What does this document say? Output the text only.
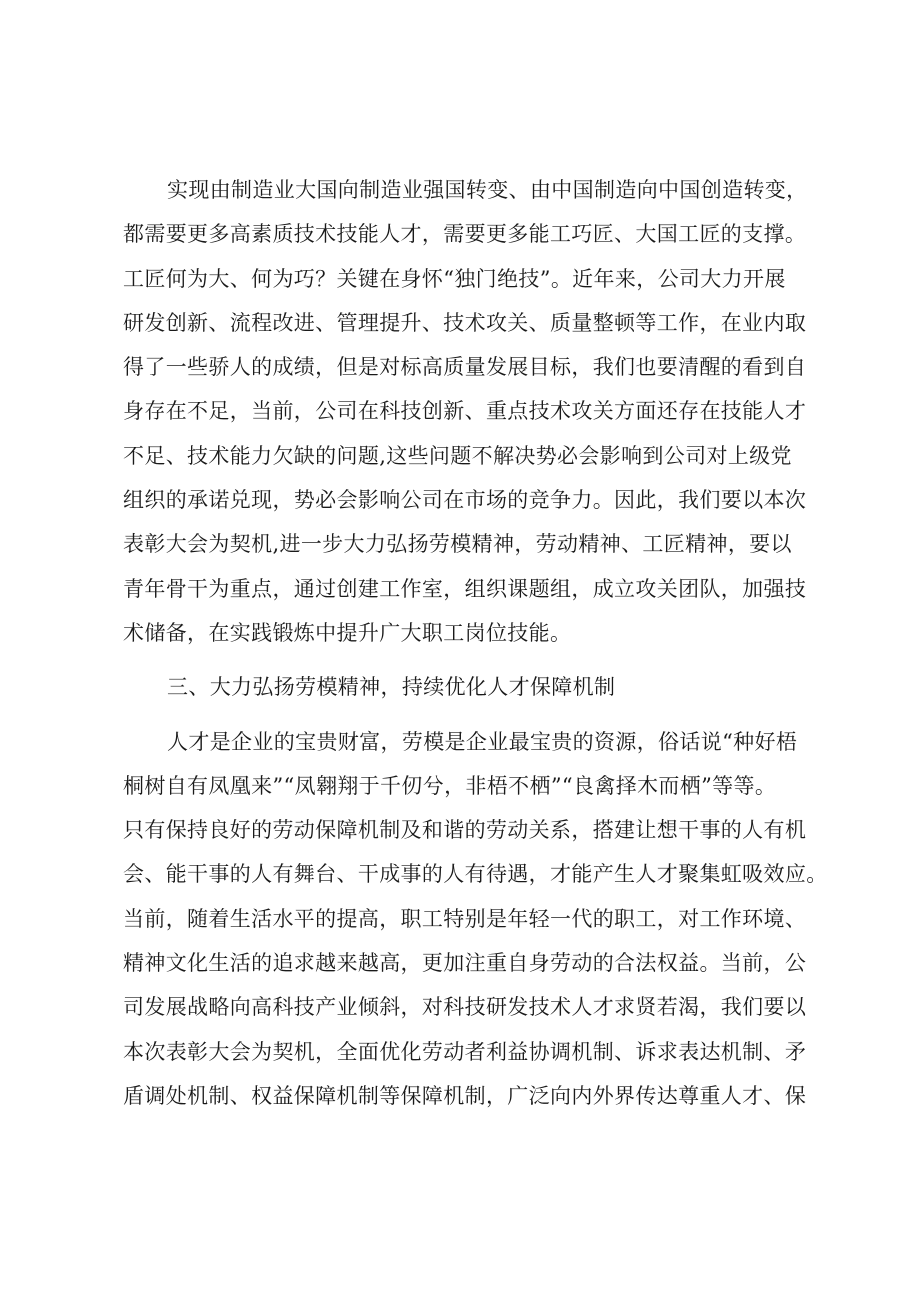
实现由制造业大国向制造业强国转变、由中国制造向中国创造转变，
都需要更多高素质技术技能人才，需要更多能工巧匠、大国工匠的支撑。
工匠何为大、何为巧？关键在身怀“独门绝技”。近年来，公司大力开展
研发创新、流程改进、管理提升、技术攻关、质量整顿等工作，在业内取
得了一些骄人的成绩，但是对标高质量发展目标，我们也要清醒的看到自
身存在不足，当前，公司在科技创新、重点技术攻关方面还存在技能人才
不足、技术能力欠缺的问题,这些问题不解决势必会影响到公司对上级党
组织的承诺兑现，势必会影响公司在市场的竞争力。因此，我们要以本次
表彰大会为契机,进一步大力弘扬劳模精神，劳动精神、工匠精神，要以
青年骨干为重点，通过创建工作室，组织课题组，成立攻关团队，加强技
术储备，在实践锻炼中提升广大职工岗位技能。
三、大力弘扬劳模精神，持续优化人才保障机制
人才是企业的宝贵财富，劳模是企业最宝贵的资源，俗话说“种好梧
桐树自有凤凰来”“凤翱翔于千仞兮，非梧不栖”“良禽择木而栖”等等。
只有保持良好的劳动保障机制及和谐的劳动关系，搭建让想干事的人有机
会、能干事的人有舞台、干成事的人有待遇，才能产生人才聚集虹吸效应。
当前，随着生活水平的提高，职工特别是年轻一代的职工，对工作环境、
精神文化生活的追求越来越高，更加注重自身劳动的合法权益。当前，公
司发展战略向高科技产业倾斜，对科技研发技术人才求贤若渴，我们要以
本次表彰大会为契机，全面优化劳动者利益协调机制、诉求表达机制、矛
盾调处机制、权益保障机制等保障机制，广泛向内外界传达尊重人才、保
